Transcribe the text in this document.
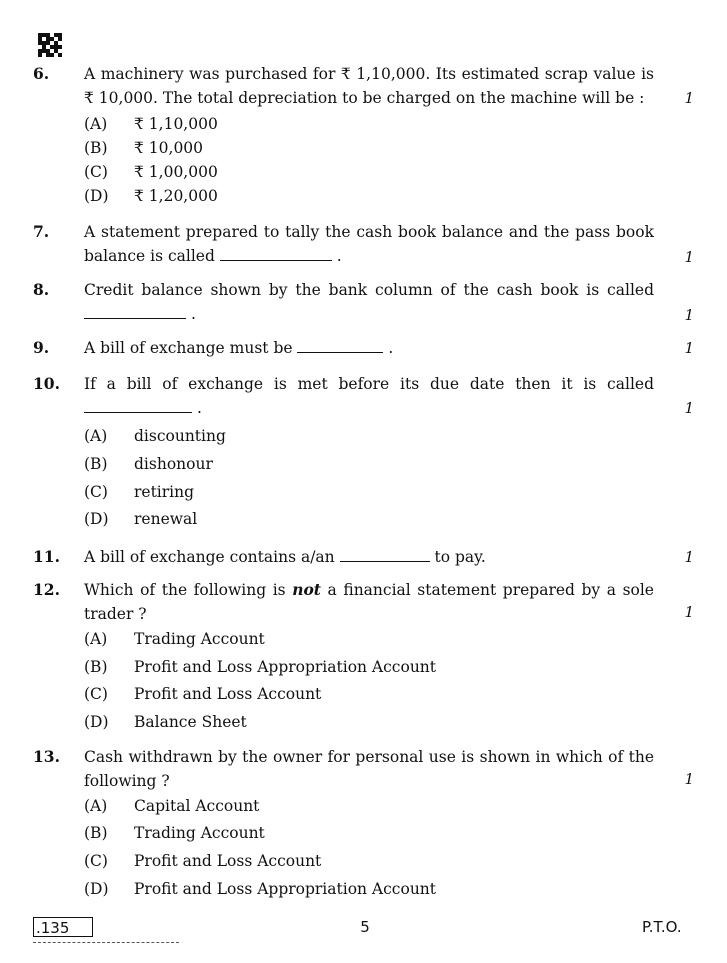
6. A machinery was purchased for ₹ 1,10,000. Its estimated scrap value is
₹ 10,000. The total depreciation to be charged on the machine will be :	1
(A) ₹ 1,10,000
(B) ₹ 10,000
(C) ₹ 1,00,000
(D) ₹ 1,20,000
7. A statement prepared to tally the cash book balance and the pass book
balance is called	.	1
8. Credit balance shown by the bank column of the cash book is called
.	1
9. A bill of exchange must be	.	1
10. If a bill of exchange is met before its due date then it is called
.	1
(A) discounting
(B) dishonour
(C) retiring
(D) renewal
11. A bill of exchange contains a/an	to pay.	1
12. Which of the following is not a financial statement prepared by a sole
trader ?	1
(A) Trading Account
(B) Profit and Loss Appropriation Account
(C) Profit and Loss Account
(D) Balance Sheet
13. Cash withdrawn by the owner for personal use is shown in which of the
following ?	1
(A) Capital Account
(B) Trading Account
(C) Profit and Loss Account
(D) Profit and Loss Appropriation Account
.135	5	P.T.O.
